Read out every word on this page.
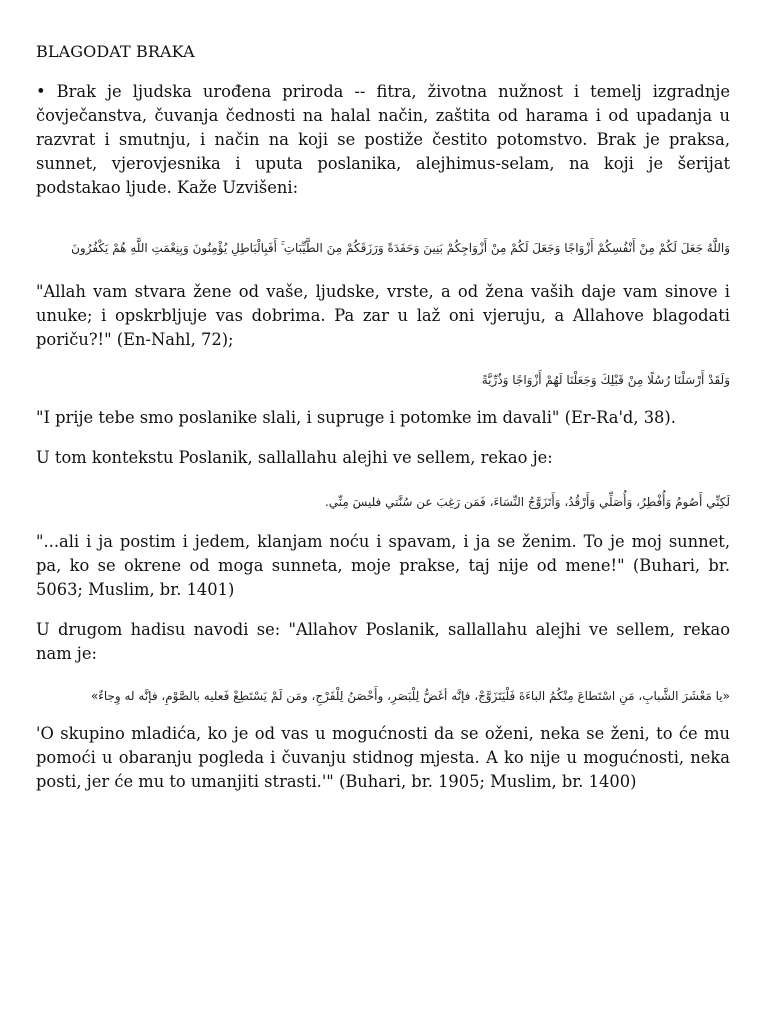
BLAGODAT BRAKA

• Brak je ljudska urođena priroda -- fitra, životna nužnost i temelj izgradnje čovječanstva, čuvanja čednosti na halal način, zaštita od harama i od upadanja u razvrat i smutnju, i način na koji se postiže čestito potomstvo. Brak je praksa, sunnet, vjerovjesnika i uputa poslanika, alejhimus-selam, na koji je šerijat podstakao ljude. Kaže Uzvišeni:

وَاللَّهُ جَعَلَ لَكُمْ مِنْ أَنْفُسِكُمْ أَزْوَاجًا وَجَعَلَ لَكُمْ مِنْ أَزْوَاجِكُمْ بَنِينَ وَحَفَدَةً وَرَزَقَكُمْ مِنَ الطَّيِّبَاتِ ۚ أَفَبِالْبَاطِلِ يُؤْمِنُونَ وَبِنِعْمَتِ اللَّهِ هُمْ يَكْفُرُونَ

"Allah vam stvara žene od vaše, ljudske, vrste, a od žena vaših daje vam sinove i unuke; i opskrbljuje vas dobrima. Pa zar u laž oni vjeruju, a Allahove blagodati poriču?!" (En-Nahl, 72);

وَلَقَدْ أَرْسَلْنَا رُسُلًا مِنْ قَبْلِكَ وَجَعَلْنَا لَهُمْ أَزْوَاجًا وَذُرِّيَّةً

"I prije tebe smo poslanike slali, i supruge i potomke im davali" (Er-Ra'd, 38).

U tom kontekstu Poslanik, sallallahu alejhi ve sellem, rekao je:

لَكِنِّي أَصُومُ وَأُفْطِرُ، وَأُصَلِّي وَأَرْقُدُ، وَأَتَزَوَّجُ النِّسَاءَ، فَمَن رَغِبَ عن سُنَّتي فليسَ مِنِّي.

"...ali i ja postim i jedem, klanjam noću i spavam, i ja se ženim. To je moj sunnet, pa, ko se okrene od moga sunneta, moje prakse, taj nije od mene!" (Buhari, br. 5063; Muslim, br. 1401)

U drugom hadisu navodi se: "Allahov Poslanik, sallallahu alejhi ve sellem, rekao nam je:

«يا مَعْشَرَ الشَّبابِ، مَنِ اسْتَطاعَ مِنْكُمُ الباءَةَ فَلْيَتَزَوَّجْ، فإنَّه أغَضُّ لِلْبَصَرِ، وأَحْصَنُ لِلْفَرْجِ، ومَن لَمْ يَسْتَطِعْ فَعليه بالصَّوْمِ، فإنَّه له وِجاءٌ»

'O skupino mladića, ko je od vas u mogućnosti da se oženi, neka se ženi, to će mu pomoći u obaranju pogleda i čuvanju stidnog mjesta. A ko nije u mogućnosti, neka posti, jer će mu to umanjiti strasti.'" (Buhari, br. 1905; Muslim, br. 1400)
